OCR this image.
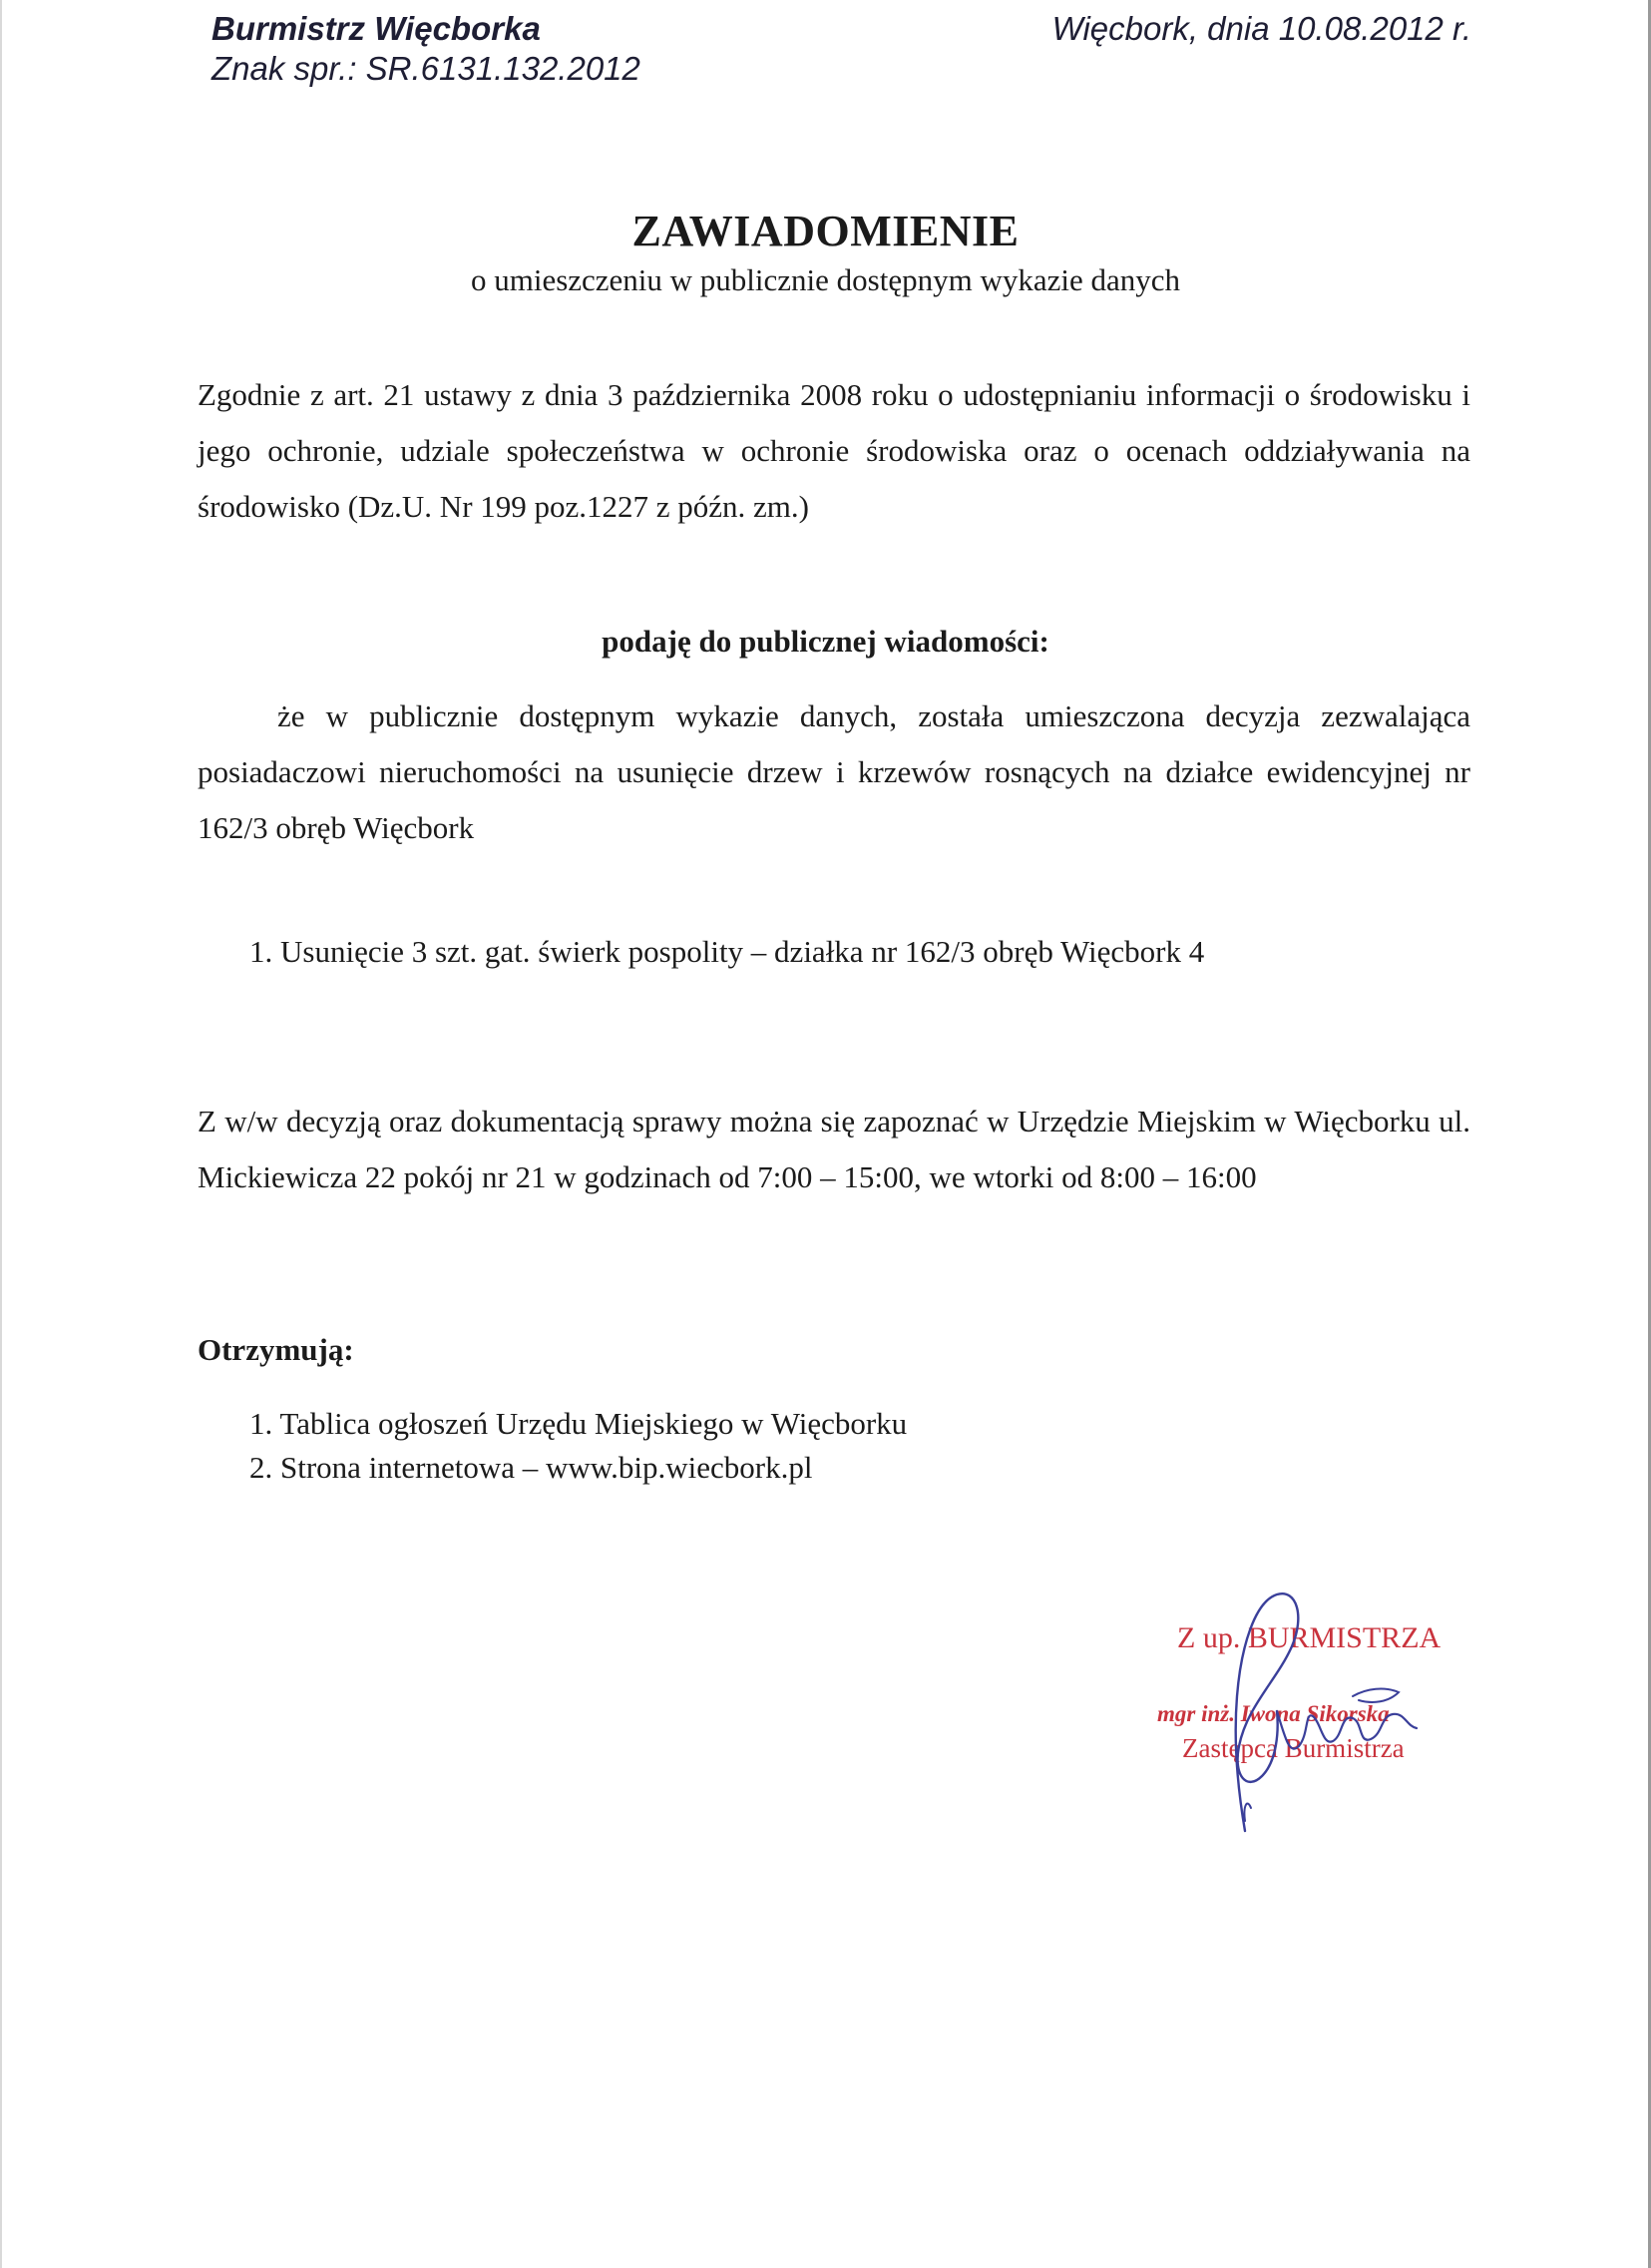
Burmistrz Więcborka
Znak spr.: SR.6131.132.2012
Więcbork, dnia 10.08.2012 r.
ZAWIADOMIENIE
o umieszczeniu w publicznie dostępnym wykazie danych
Zgodnie z art. 21 ustawy z dnia 3 października 2008 roku o udostępnianiu informacji o środowisku i jego ochronie, udziale społeczeństwa w ochronie środowiska oraz o ocenach oddziaływania na środowisko (Dz.U. Nr 199 poz.1227 z późn. zm.)
podaję do publicznej wiadomości:
że w publicznie dostępnym wykazie danych, została umieszczona decyzja zezwalająca posiadaczowi nieruchomości na usunięcie drzew i krzewów rosnących na działce ewidencyjnej nr 162/3 obręb Więcbork
1. Usunięcie 3 szt. gat. świerk pospolity – działka nr 162/3 obręb Więcbork 4
Z w/w decyzją oraz dokumentacją sprawy można się zapoznać w Urzędzie Miejskim w Więcborku ul. Mickiewicza 22 pokój nr 21 w godzinach od 7:00 – 15:00, we wtorki od 8:00 – 16:00
Otrzymują:
1. Tablica ogłoszeń Urzędu Miejskiego w Więcborku
2. Strona internetowa – www.bip.wiecbork.pl
Z up. BURMISTRZA
mgr inż. Iwona Sikorska
Zastępca Burmistrza
